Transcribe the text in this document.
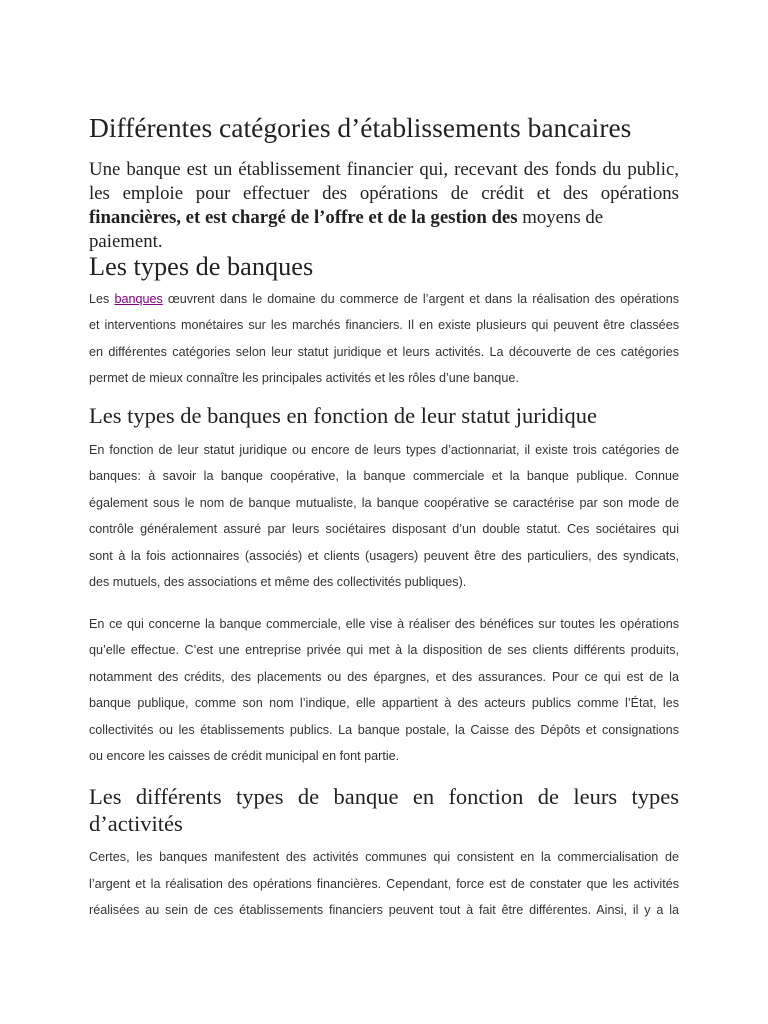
Différentes catégories d’établissements bancaires
Une banque est un établissement financier qui, recevant des fonds du public,
les emploie pour effectuer des opérations de crédit et des opérations
financières, et est chargé de l’offre et de la gestion des moyens de paiement.
Les types de banques
Les banques œuvrent dans le domaine du commerce de l’argent et dans la réalisation des opérations
et interventions monétaires sur les marchés financiers. Il en existe plusieurs qui peuvent être classées
en différentes catégories selon leur statut juridique et leurs activités. La découverte de ces catégories
permet de mieux connaître les principales activités et les rôles d’une banque.
Les types de banques en fonction de leur statut juridique
En fonction de leur statut juridique ou encore de leurs types d’actionnariat, il existe trois catégories de
banques: à savoir la banque coopérative, la banque commerciale et la banque publique. Connue
également sous le nom de banque mutualiste, la banque coopérative se caractérise par son mode de
contrôle généralement assuré par leurs sociétaires disposant d’un double statut. Ces sociétaires qui
sont à la fois actionnaires (associés) et clients (usagers) peuvent être des particuliers, des syndicats,
des mutuels, des associations et même des collectivités publiques).
En ce qui concerne la banque commerciale, elle vise à réaliser des bénéfices sur toutes les opérations
qu’elle effectue. C’est une entreprise privée qui met à la disposition de ses clients différents produits,
notamment des crédits, des placements ou des épargnes, et des assurances. Pour ce qui est de la
banque publique, comme son nom l’indique, elle appartient à des acteurs publics comme l’État, les
collectivités ou les établissements publics. La banque postale, la Caisse des Dépôts et consignations
ou encore les caisses de crédit municipal en font partie.
Les différents types de banque en fonction de leurs types
d’activités
Certes, les banques manifestent des activités communes qui consistent en la commercialisation de
l’argent et la réalisation des opérations financières. Cependant, force est de constater que les activités
réalisées au sein de ces établissements financiers peuvent tout à fait être différentes. Ainsi, il y a la
